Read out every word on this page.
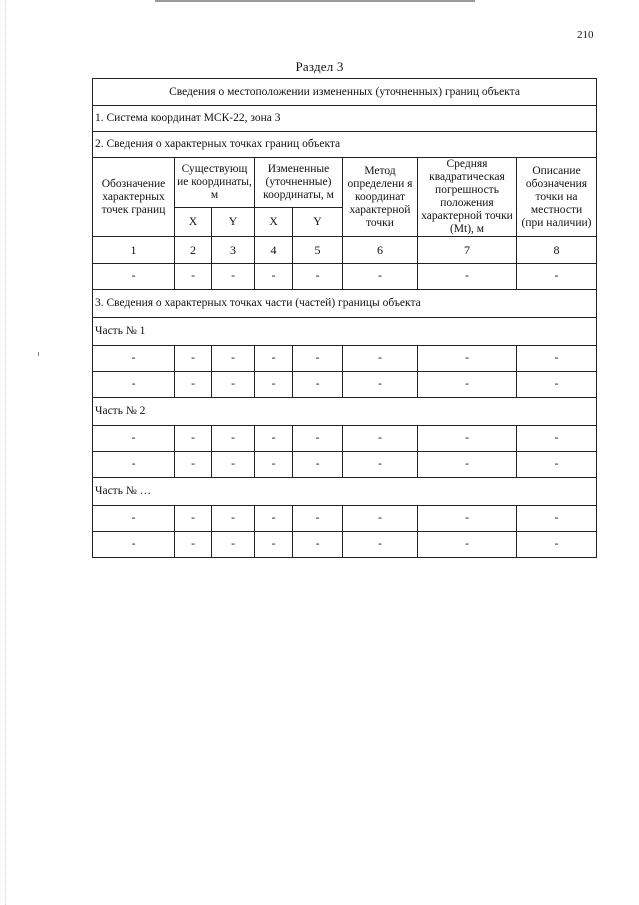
210
Раздел 3
Сведения о местоположении измененных (уточненных) границ объекта							
1. Система координат МСК-22, зона 3							
2. Сведения о характерных точках границ объекта							
Обозначение характерных точек границ	Существующ ие координаты, м		Измененные (уточненные) координаты, м		Метод определени я координат характерной точки	Средняя квадратическая погрешность положения характерной точки (Mt), м	Описание обозначения точки на местности (при наличии)
	X	Y	X	Y			
1	2	3	4	5	6	7	8
-	-	-	-	-	-	-	-
3. Сведения о характерных точках части (частей) границы объекта							
Часть № 1							
-	-	-	-	-	-	-	-
-	-	-	-	-	-	-	-
Часть № 2							
-	-	-	-	-	-	-	-
-	-	-	-	-	-	-	-
Часть № …							
-	-	-	-	-	-	-	-
-	-	-	-	-	-	-	-
